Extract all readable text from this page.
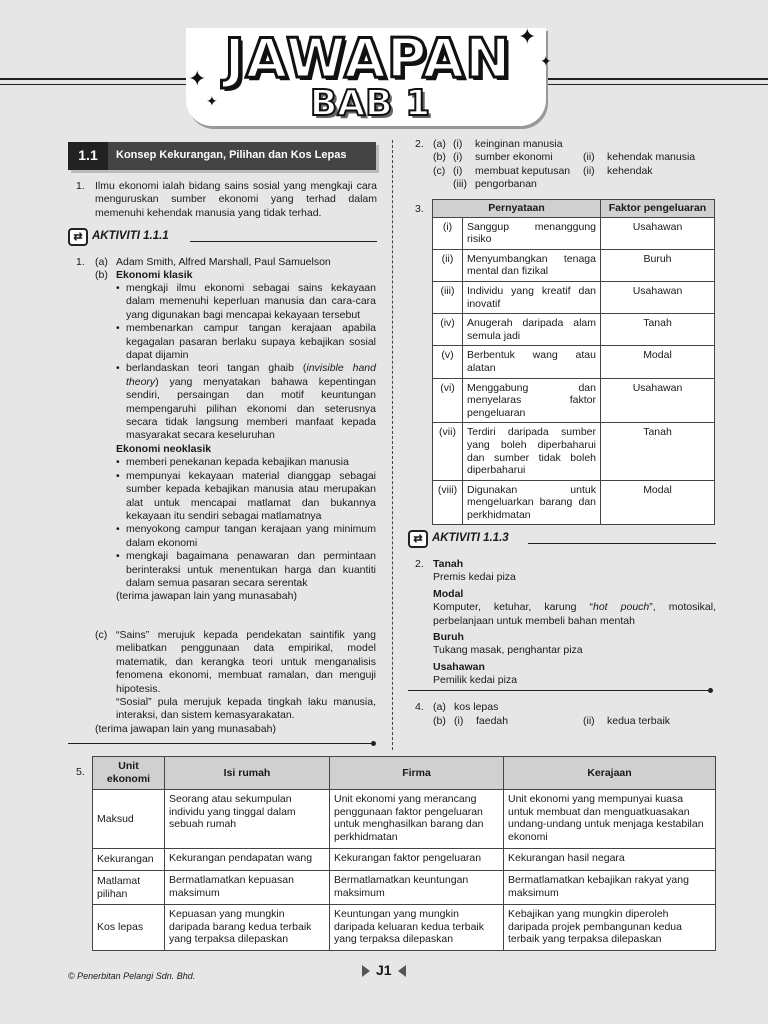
JAWAPAN
BAB 1
✦
✦
✦
✦
1.1	Konsep Kekurangan, Pilihan dan Kos Lepas
1. Ilmu ekonomi ialah bidang sains sosial yang mengkaji cara menguruskan sumber ekonomi yang terhad dalam memenuhi kehendak manusia yang tidak terhad.
⇄ AKTIVITI 1.1.1
1. (a) Adam Smith, Alfred Marshall, Paul Samuelson
(b) Ekonomi klasik
• mengkaji ilmu ekonomi sebagai sains kekayaan dalam memenuhi keperluan manusia dan cara-cara yang digunakan bagi mencapai kekayaan tersebut
• membenarkan campur tangan kerajaan apabila kegagalan pasaran berlaku supaya kebajikan sosial dapat dijamin
• berlandaskan teori tangan ghaib (invisible hand theory) yang menyatakan bahawa kepentingan sendiri, persaingan dan motif keuntungan mempengaruhi pilihan ekonomi dan seterusnya secara tidak langsung memberi manfaat kepada masyarakat secara keseluruhan
Ekonomi neoklasik
• memberi penekanan kepada kebajikan manusia
• mempunyai kekayaan material dianggap sebagai sumber kepada kebajikan manusia atau merupakan alat untuk mencapai matlamat dan bukannya kekayaan itu sendiri sebagai matlamatnya
• menyokong campur tangan kerajaan yang minimum dalam ekonomi
• mengkaji bagaimana penawaran dan permintaan berinteraksi untuk menentukan harga dan kuantiti dalam semua pasaran secara serentak
(terima jawapan lain yang munasabah)
(c) “Sains” merujuk kepada pendekatan saintifik yang melibatkan penggunaan data empirikal, model matematik, dan kerangka teori untuk menganalisis fenomena ekonomi, membuat ramalan, dan menguji hipotesis.
“Sosial” pula merujuk kepada tingkah laku manusia, interaksi, dan sistem kemasyarakatan.
(terima jawapan lain yang munasabah)
2. (a) (i) keinginan manusia
(b) (i) sumber ekonomi	(ii) kehendak manusia
(c) (i) membuat keputusan (ii) kehendak
(iii) pengorbanan
3.	Pernyataan		Faktor pengeluaran
(i)	Sanggup menanggung risiko	Usahawan
(ii)	Menyumbangkan tenaga mental dan fizikal	Buruh
(iii)	Individu yang kreatif dan inovatif	Usahawan
(iv)	Anugerah daripada alam semula jadi	Tanah
(v)	Berbentuk wang atau alatan	Modal
(vi)	Menggabung dan menyelaras faktor pengeluaran	Usahawan
(vii)	Terdiri daripada sumber yang boleh diperbaharui dan sumber tidak boleh diperbaharui	Tanah
(viii)	Digunakan untuk mengeluarkan barang dan perkhidmatan	Modal
⇄ AKTIVITI 1.1.3
2. Tanah
Premis kedai piza
Modal
Komputer, ketuhar, karung “hot pouch”, motosikal, perbelanjaan untuk membeli bahan mentah
Buruh
Tukang masak, penghantar piza
Usahawan
Pemilik kedai piza
4. (a) kos lepas
(b) (i) faedah	(ii) kedua terbaik
5.	Unit ekonomi	Isi rumah	Firma	Kerajaan
Maksud	Seorang atau sekumpulan individu yang tinggal dalam sebuah rumah	Unit ekonomi yang merancang penggunaan faktor pengeluaran untuk menghasilkan barang dan perkhidmatan	Unit ekonomi yang mempunyai kuasa untuk membuat dan menguatkuasakan undang-undang untuk menjaga kestabilan ekonomi
Kekurangan	Kekurangan pendapatan wang	Kekurangan faktor pengeluaran	Kekurangan hasil negara
Matlamat pilihan	Bermatlamatkan kepuasan maksimum	Bermatlamatkan keuntungan maksimum	Bermatlamatkan kebajikan rakyat yang maksimum
Kos lepas	Kepuasan yang mungkin daripada barang kedua terbaik yang terpaksa dilepaskan	Keuntungan yang mungkin daripada keluaran kedua terbaik yang terpaksa dilepaskan	Kebajikan yang mungkin diperoleh daripada projek pembangunan kedua terbaik yang terpaksa dilepaskan
© Penerbitan Pelangi Sdn. Bhd.	J1
